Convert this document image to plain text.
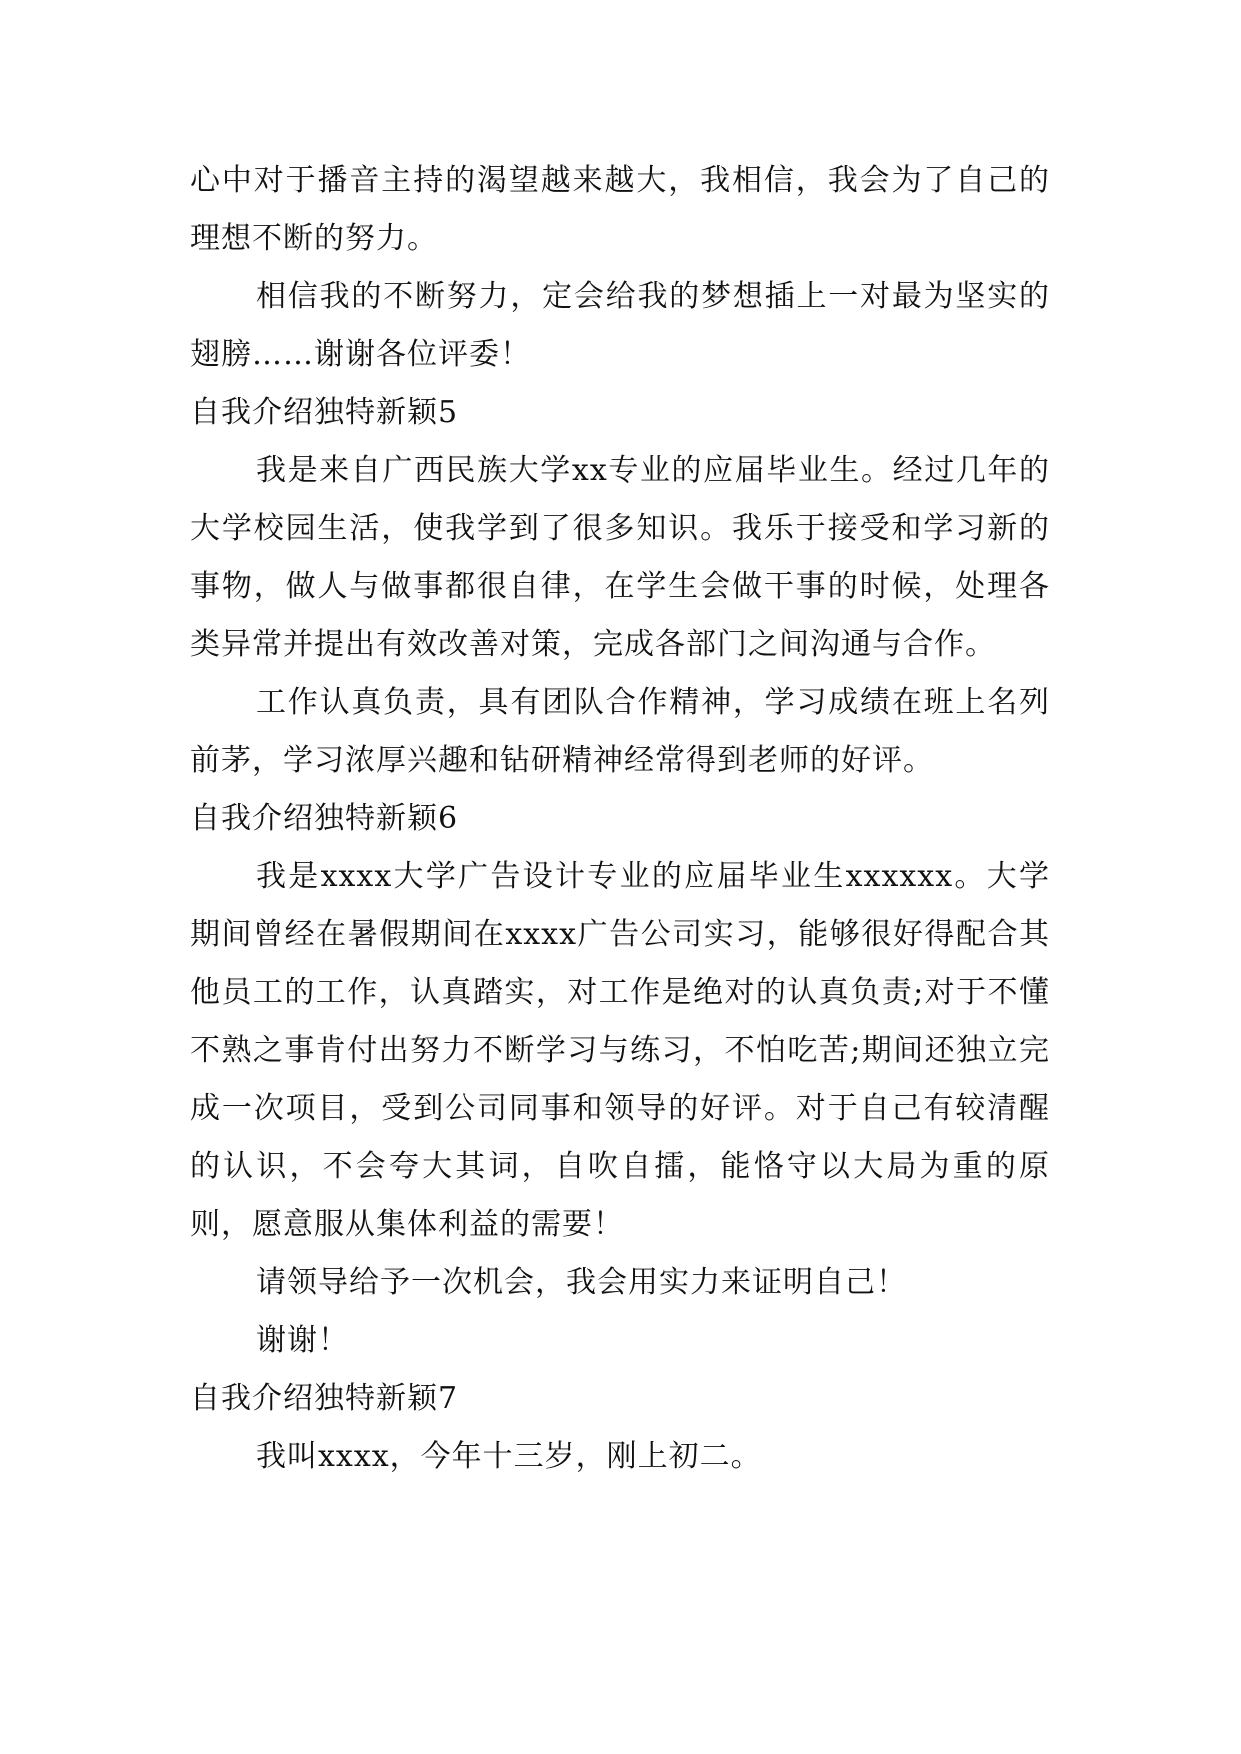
心中对于播音主持的渴望越来越大，我相信，我会为了自己的理想不断的努力。

相信我的不断努力，定会给我的梦想插上一对最为坚实的翅膀……谢谢各位评委！

自我介绍独特新颖5

我是来自广西民族大学xx专业的应届毕业生。经过几年的大学校园生活，使我学到了很多知识。我乐于接受和学习新的事物，做人与做事都很自律，在学生会做干事的时候，处理各类异常并提出有效改善对策，完成各部门之间沟通与合作。

工作认真负责，具有团队合作精神，学习成绩在班上名列前茅，学习浓厚兴趣和钻研精神经常得到老师的好评。

自我介绍独特新颖6

我是xxxx大学广告设计专业的应届毕业生xxxxxx。大学期间曾经在暑假期间在xxxx广告公司实习，能够很好得配合其他员工的工作，认真踏实，对工作是绝对的认真负责;对于不懂不熟之事肯付出努力不断学习与练习，不怕吃苦;期间还独立完成一次项目，受到公司同事和领导的好评。对于自己有较清醒的认识，不会夸大其词，自吹自擂，能恪守以大局为重的原则，愿意服从集体利益的需要！

请领导给予一次机会，我会用实力来证明自己！

谢谢！

自我介绍独特新颖7

我叫xxxx，今年十三岁，刚上初二。
